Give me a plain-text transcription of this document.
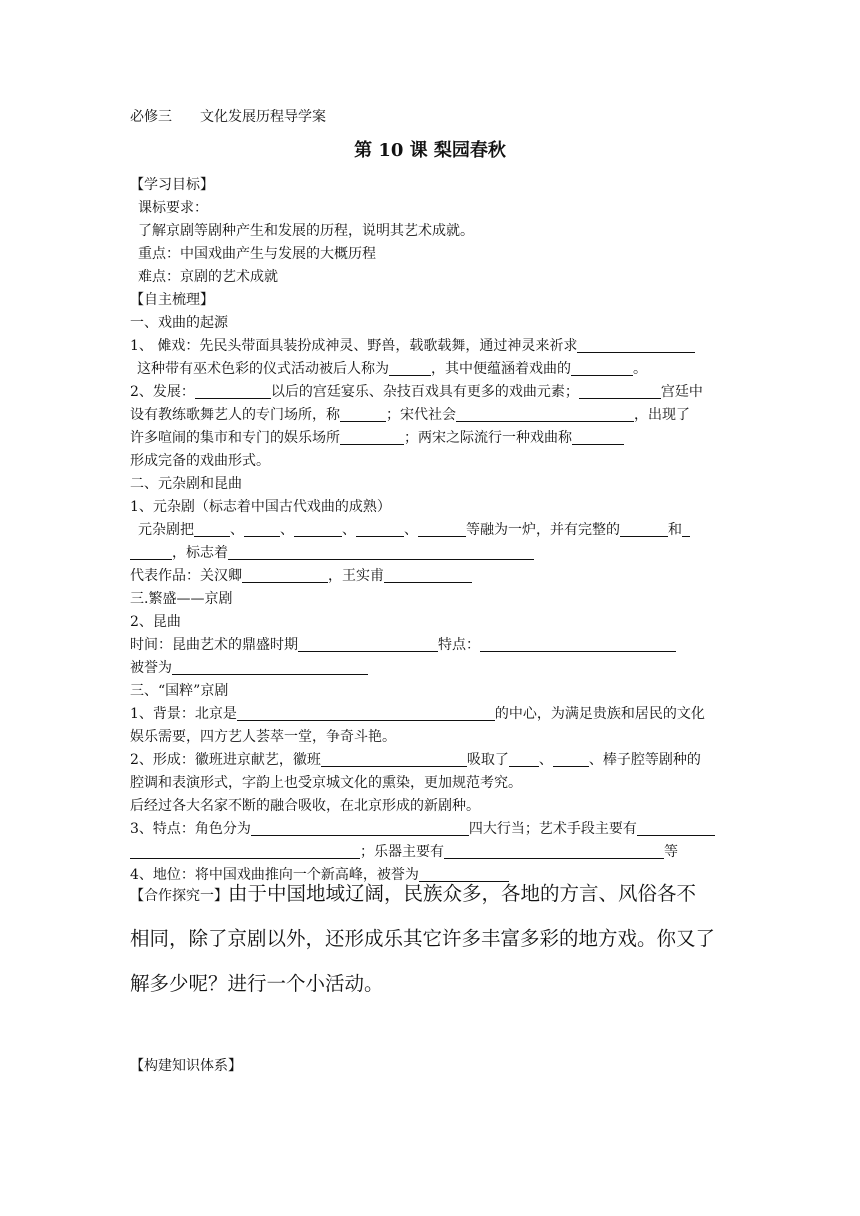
必修三　　文化发展历程导学案
第 10 课 梨园春秋
【学习目标】
课标要求：
了解京剧等剧种产生和发展的历程，说明其艺术成就。
重点：中国戏曲产生与发展的大概历程
难点：京剧的艺术成就
【自主梳理】
一、戏曲的起源
1、 傩戏：先民头带面具装扮成神灵、野兽，载歌载舞，通过神灵来祈求
这种带有巫术色彩的仪式活动被后人称为	，其中便蕴涵着戏曲的	。
2、发展：	以后的宫廷宴乐、杂技百戏具有更多的戏曲元素；	宫廷中
设有教练歌舞艺人的专门场所，称	；宋代社会	，出现了
许多喧闹的集市和专门的娱乐场所	；两宋之际流行一种戏曲称
形成完备的戏曲形式。
二、元杂剧和昆曲
1、元杂剧（标志着中国古代戏曲的成熟）
元杂剧把	、	、	、	、	等融为一炉，并有完整的	和
，标志着
代表作品：关汉卿	，王实甫
三.繁盛——京剧
2、昆曲
时间：昆曲艺术的鼎盛时期	特点：
被誉为
三、“国粹”京剧
1、背景：北京是	的中心，为满足贵族和居民的文化
娱乐需要，四方艺人荟萃一堂，争奇斗艳。
2、形成：徽班进京献艺，徽班	吸取了 、	、棒子腔等剧种的
腔调和表演形式，字韵上也受京城文化的熏染，更加规范考究。
后经过各大名家不断的融合吸收，在北京形成的新剧种。
3、特点：角色分为	四大行当；艺术手段主要有
；乐器主要有	等
4、地位：将中国戏曲推向一个新高峰，被誉为
【合作探究一】由于中国地域辽阔，民族众多，各地的方言、风俗各不
相同，除了京剧以外，还形成乐其它许多丰富多彩的地方戏。你又了
解多少呢？进行一个小活动。
【构建知识体系】
